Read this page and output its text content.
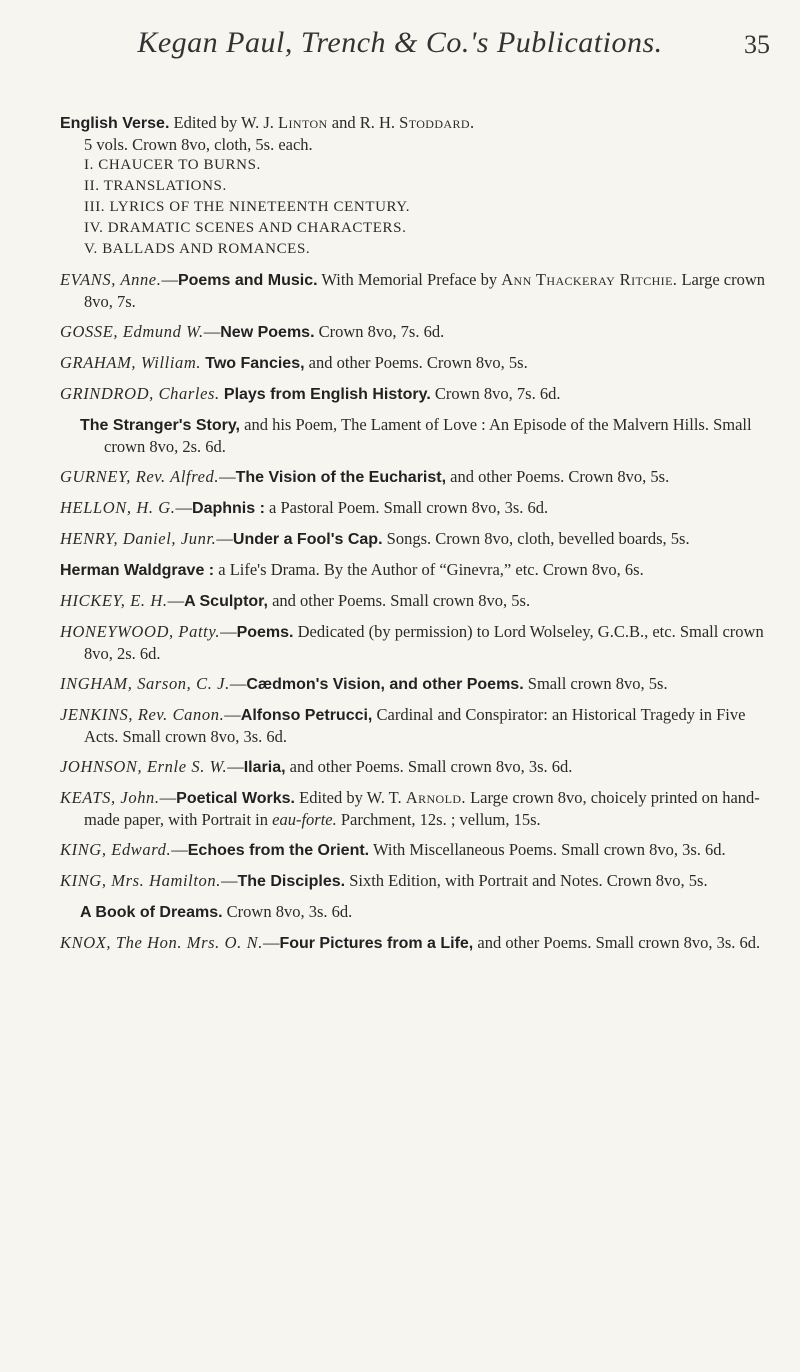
Kegan Paul, Trench & Co.'s Publications.	35

English Verse. Edited by W. J. Linton and R. H. Stoddard.
5 vols. Crown 8vo, cloth, 5s. each.

I. CHAUCER TO BURNS.
II. TRANSLATIONS.
III. LYRICS OF THE NINETEENTH CENTURY.
IV. DRAMATIC SCENES AND CHARACTERS.
V. BALLADS AND ROMANCES.

EVANS, Anne.—Poems and Music. With Memorial Preface by Ann Thackeray Ritchie. Large crown 8vo, 7s.

GOSSE, Edmund W.—New Poems. Crown 8vo, 7s. 6d.

GRAHAM, William. Two Fancies, and other Poems. Crown 8vo, 5s.

GRINDROD, Charles. Plays from English History. Crown 8vo, 7s. 6d.

The Stranger's Story, and his Poem, The Lament of Love : An Episode of the Malvern Hills. Small crown 8vo, 2s. 6d.

GURNEY, Rev. Alfred.—The Vision of the Eucharist, and other Poems. Crown 8vo, 5s.

HELLON, H. G.—Daphnis : a Pastoral Poem. Small crown 8vo, 3s. 6d.

HENRY, Daniel, Junr.—Under a Fool's Cap. Songs. Crown 8vo, cloth, bevelled boards, 5s.

Herman Waldgrave : a Life's Drama. By the Author of “Ginevra,” etc. Crown 8vo, 6s.

HICKEY, E. H.—A Sculptor, and other Poems. Small crown 8vo, 5s.

HONEYWOOD, Patty.—Poems. Dedicated (by permission) to Lord Wolseley, G.C.B., etc. Small crown 8vo, 2s. 6d.

INGHAM, Sarson, C. J.—Cædmon's Vision, and other Poems. Small crown 8vo, 5s.

JENKINS, Rev. Canon.—Alfonso Petrucci, Cardinal and Conspirator: an Historical Tragedy in Five Acts. Small crown 8vo, 3s. 6d.

JOHNSON, Ernle S. W.—Ilaria, and other Poems. Small crown 8vo, 3s. 6d.

KEATS, John.—Poetical Works. Edited by W. T. Arnold. Large crown 8vo, choicely printed on hand-made paper, with Portrait in eau-forte. Parchment, 12s. ; vellum, 15s.

KING, Edward.—Echoes from the Orient. With Miscellaneous Poems. Small crown 8vo, 3s. 6d.

KING, Mrs. Hamilton.—The Disciples. Sixth Edition, with Portrait and Notes. Crown 8vo, 5s.

A Book of Dreams. Crown 8vo, 3s. 6d.

KNOX, The Hon. Mrs. O. N.—Four Pictures from a Life, and other Poems. Small crown 8vo, 3s. 6d.
